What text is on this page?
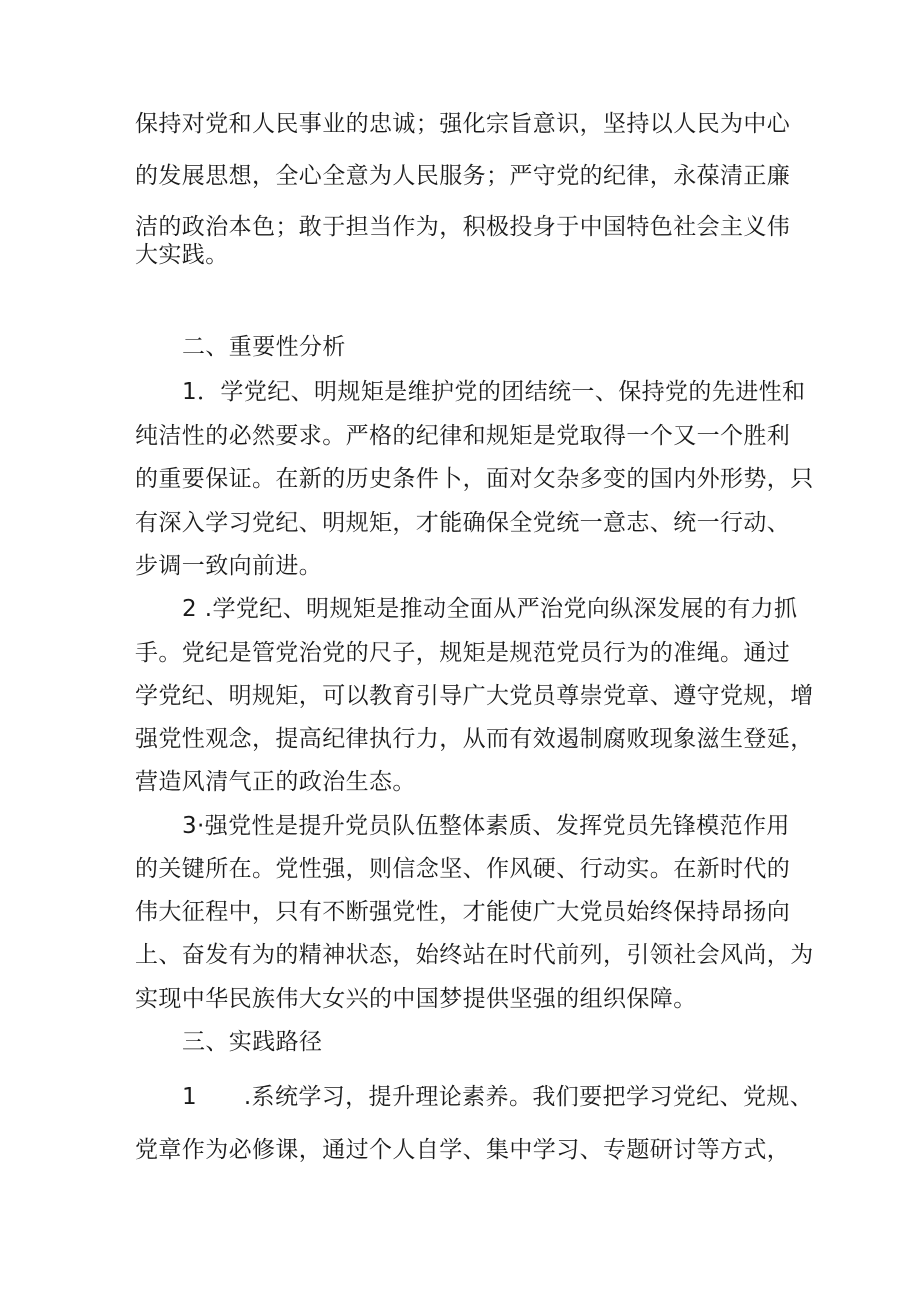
保持对党和人民事业的忠诚；强化宗旨意识，坚持以人民为中心
的发展思想，全心全意为人民服务；严守党的纪律，永葆清正廉
洁的政治本色；敢于担当作为，积极投身于中国特色社会主义伟
大实践。
二、重要性分析
1．学党纪、明规矩是维护党的团结统一、保持党的先进性和
纯洁性的必然要求。严格的纪律和规矩是党取得一个又一个胜利
的重要保证。在新的历史条件卜，面对攵杂多变的国内外形势，只
有深入学习党纪、明规矩，才能确保全党统一意志、统一行动、
步调一致向前进。
2 .学党纪、明规矩是推动全面从严治党向纵深发展的有力抓
手。党纪是管党治党的尺子，规矩是规范党员行为的准绳。通过
学党纪、明规矩，可以教育引导广大党员尊崇党章、遵守党规，增
强党性观念，提高纪律执行力，从而有效遏制腐败现象滋生登延，
营造风清气正的政治生态。
3·强党性是提升党员队伍整体素质、发挥党员先锋模范作用
的关键所在。党性强，则信念坚、作风硬、行动实。在新时代的
伟大征程中，只有不断强党性，才能使广大党员始终保持昂扬向
上、奋发有为的精神状态，始终站在时代前列，引领社会风尚，为
实现中华民族伟大女兴的中国梦提供坚强的组织保障。
三、实践路径
1　　.系统学习，提升理论素养。我们要把学习党纪、党规、
党章作为必修课，通过个人自学、集中学习、专题研讨等方式，
